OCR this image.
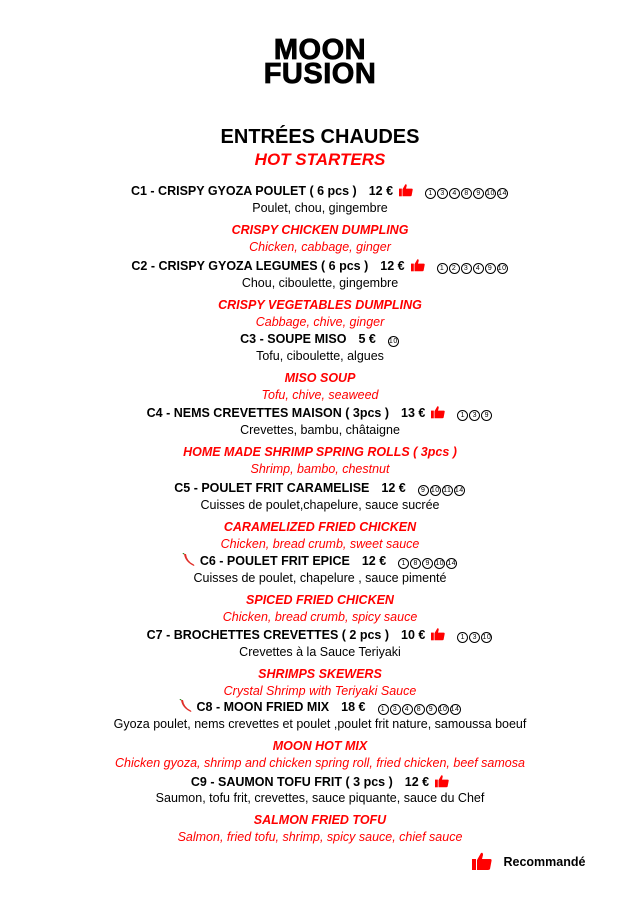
MOON
FUSION
ENTRÉES CHAUDES
HOT STARTERS
C1 - CRISPY GYOZA POULET ( 6 pcs ) 12 €	1 3 4 8 9 10 14
Poulet, chou, gingembre
CRISPY CHICKEN DUMPLING
Chicken, cabbage, ginger
C2 - CRISPY GYOZA LEGUMES ( 6 pcs ) 12 €	1 2 3 4 9 10
Chou, ciboulette, gingembre
CRISPY VEGETABLES DUMPLING
Cabbage, chive, ginger
C3 - SOUPE MISO 5 € 10
Tofu, ciboulette, algues
MISO SOUP
Tofu, chive, seaweed
C4 - NEMS CREVETTES MAISON ( 3pcs ) 13 €	1 3 9
Crevettes, bambu, châtaigne
HOME MADE SHRIMP SPRING ROLLS ( 3pcs )
Shrimp, bambo, chestnut
C5 - POULET FRIT CARAMELISE 12 € 9 10 11 14
Cuisses de poulet,chapelure, sauce sucrée
CARAMELIZED FRIED CHICKEN
Chicken, bread crumb, sweet sauce
C6 - POULET FRIT EPICE 12 € 1 8 9 10 14
Cuisses de poulet, chapelure , sauce pimenté
SPICED FRIED CHICKEN
Chicken, bread crumb, spicy sauce
C7 - BROCHETTES CREVETTES ( 2 pcs ) 10 €	1 3 10
Crevettes à la Sauce Teriyaki
SHRIMPS SKEWERS
Crystal Shrimp with Teriyaki Sauce
C8 - MOON FRIED MIX 18 € 1 3 4 8 9 10 14
Gyoza poulet, nems crevettes et poulet ,poulet frit nature, samoussa boeuf
MOON HOT MIX
Chicken gyoza, shrimp and chicken spring roll, fried chicken, beef samosa
C9 - SAUMON TOFU FRIT ( 3 pcs ) 12 €
Saumon, tofu frit, crevettes, sauce piquante, sauce du Chef
SALMON FRIED TOFU
Salmon, fried tofu, shrimp, spicy sauce, chief sauce
Recommandé
